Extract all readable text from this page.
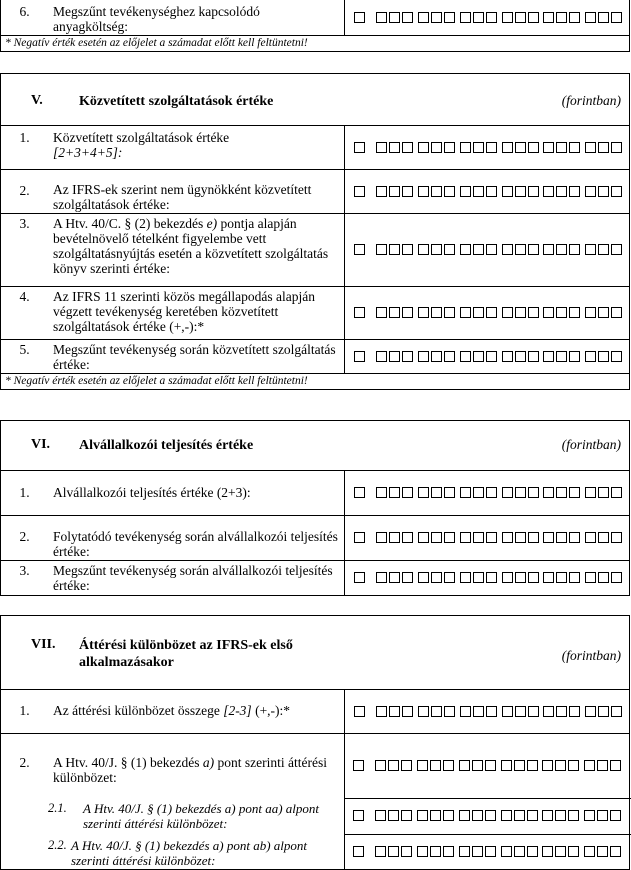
6.	Megszűnt tevékenységhez kapcsolódó anyagköltség:
* Negatív érték esetén az előjelet a számadat előtt kell feltüntetni!
V.	Közvetített szolgáltatások értéke	(forintban)
1.	Közvetített szolgáltatások értéke
[2+3+4+5]:
2.	Az IFRS-ek szerint nem ügynökként közvetített szolgáltatások értéke:
3.	A Htv. 40/C. § (2) bekezdés e) pontja alapján bevételnövelő tételként figyelembe vett szolgáltatásnyújtás esetén a közvetített szolgáltatás könyv szerinti értéke:
4.	Az IFRS 11 szerinti közös megállapodás alapján végzett tevékenység keretében közvetített szolgáltatások értéke (+,-):*
5.	Megszűnt tevékenység során közvetített szolgáltatás értéke:
* Negatív érték esetén az előjelet a számadat előtt kell feltüntetni!
VI. Alvállalkozói teljesítés értéke	(forintban)
1.	Alvállalkozói teljesítés értéke (2+3):
2.	Folytatódó tevékenység során alvállalkozói teljesítés értéke:
3.	Megszűnt tevékenység során alvállalkozói teljesítés értéke:
VII. Áttérési különbözet az IFRS-ek első alkalmazásakor	(forintban)
1.	Az áttérési különbözet összege [2-3] (+,-):*
2.	A Htv. 40/J. § (1) bekezdés a) pont szerinti áttérési különbözet:
2.1. A Htv. 40/J. § (1) bekezdés a) pont aa) alpont szerinti áttérési különbözet:
2.2. A Htv. 40/J. § (1) bekezdés a) pont ab) alpont szerinti áttérési különbözet:
